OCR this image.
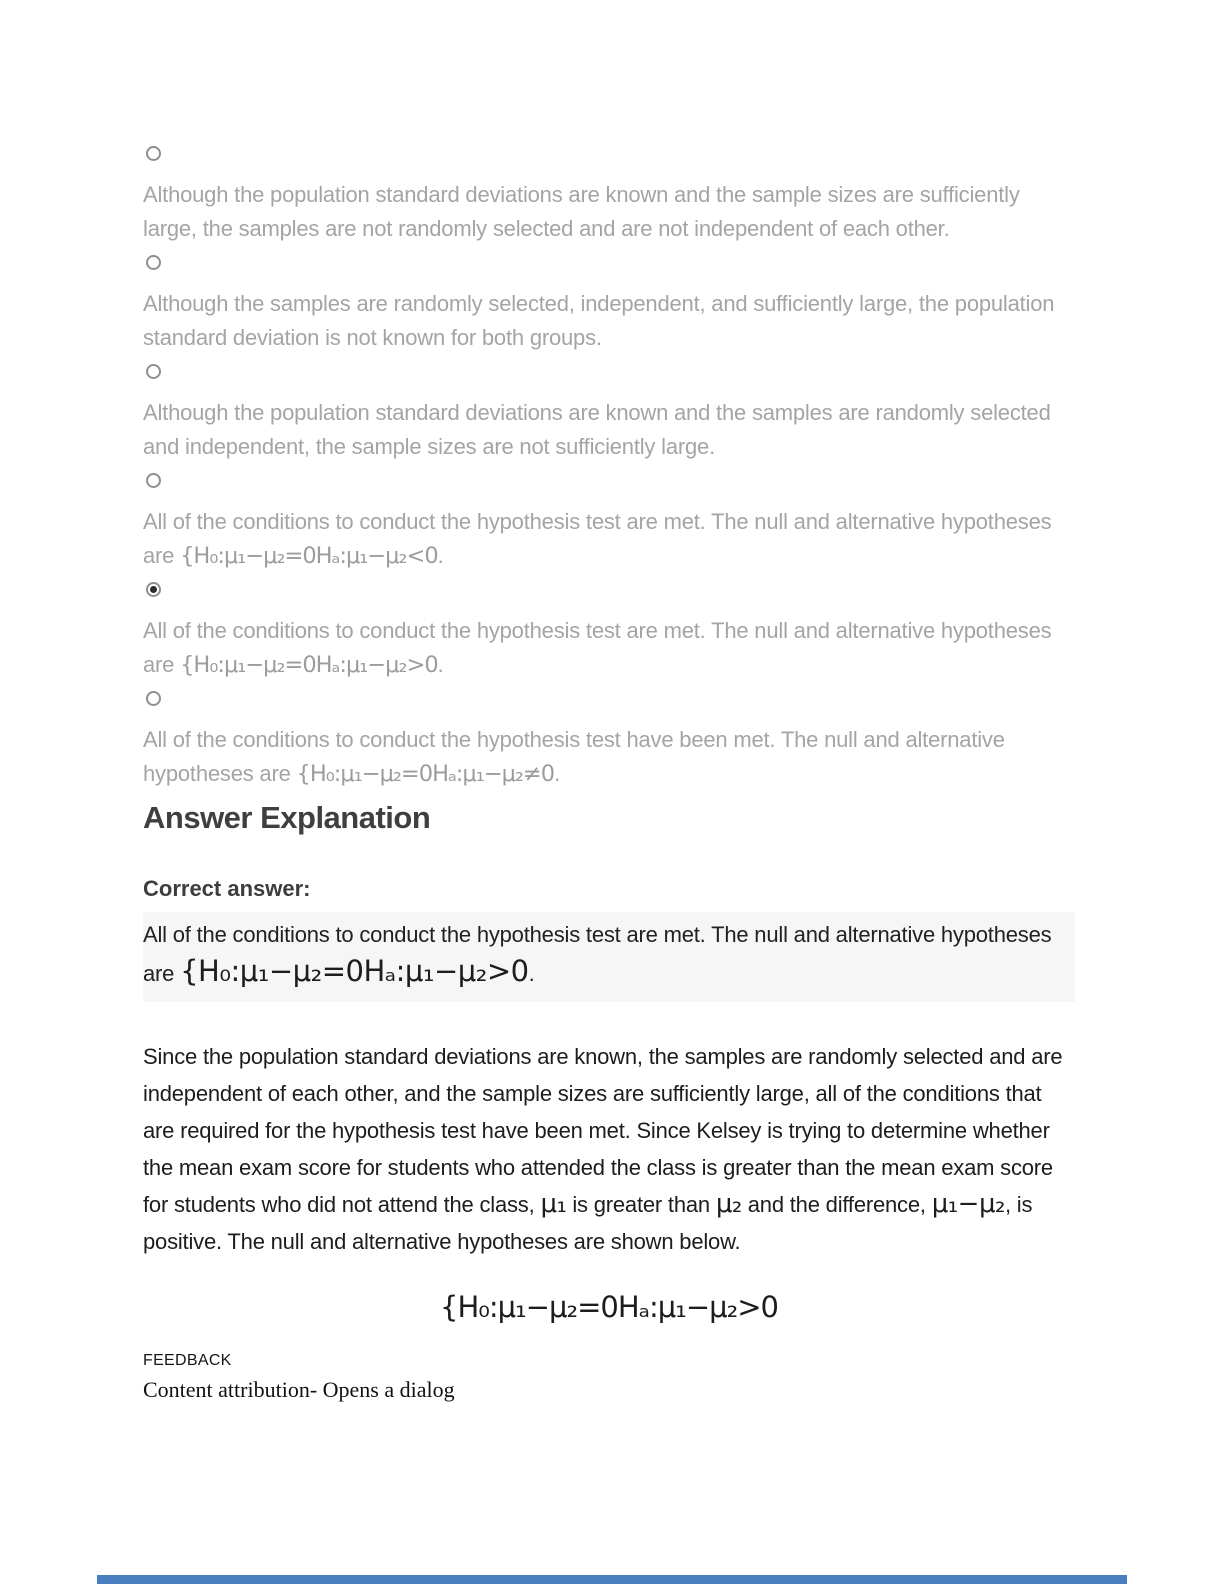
Although the population standard deviations are known and the sample sizes are sufficiently large, the samples are not randomly selected and are not independent of each other.
Although the samples are randomly selected, independent, and sufficiently large, the population standard deviation is not known for both groups.
Although the population standard deviations are known and the samples are randomly selected and independent, the sample sizes are not sufficiently large.
All of the conditions to conduct the hypothesis test are met. The null and alternative hypotheses are {H₀:μ₁−μ₂=0Hₐ:μ₁−μ₂<0.
All of the conditions to conduct the hypothesis test are met. The null and alternative hypotheses are {H₀:μ₁−μ₂=0Hₐ:μ₁−μ₂>0.
All of the conditions to conduct the hypothesis test have been met. The null and alternative hypotheses are {H₀:μ₁−μ₂=0Hₐ:μ₁−μ₂≠0.
Answer Explanation
Correct answer:
All of the conditions to conduct the hypothesis test are met. The null and alternative hypotheses are {H₀:μ₁−μ₂=0Hₐ:μ₁−μ₂>0.

Since the population standard deviations are known, the samples are randomly selected and are independent of each other, and the sample sizes are sufficiently large, all of the conditions that are required for the hypothesis test have been met. Since Kelsey is trying to determine whether the mean exam score for students who attended the class is greater than the mean exam score for students who did not attend the class, μ₁ is greater than μ₂ and the difference, μ₁−μ₂, is positive. The null and alternative hypotheses are shown below.

{H₀:μ₁−μ₂=0Hₐ:μ₁−μ₂>0
FEEDBACK
Content attribution- Opens a dialog
